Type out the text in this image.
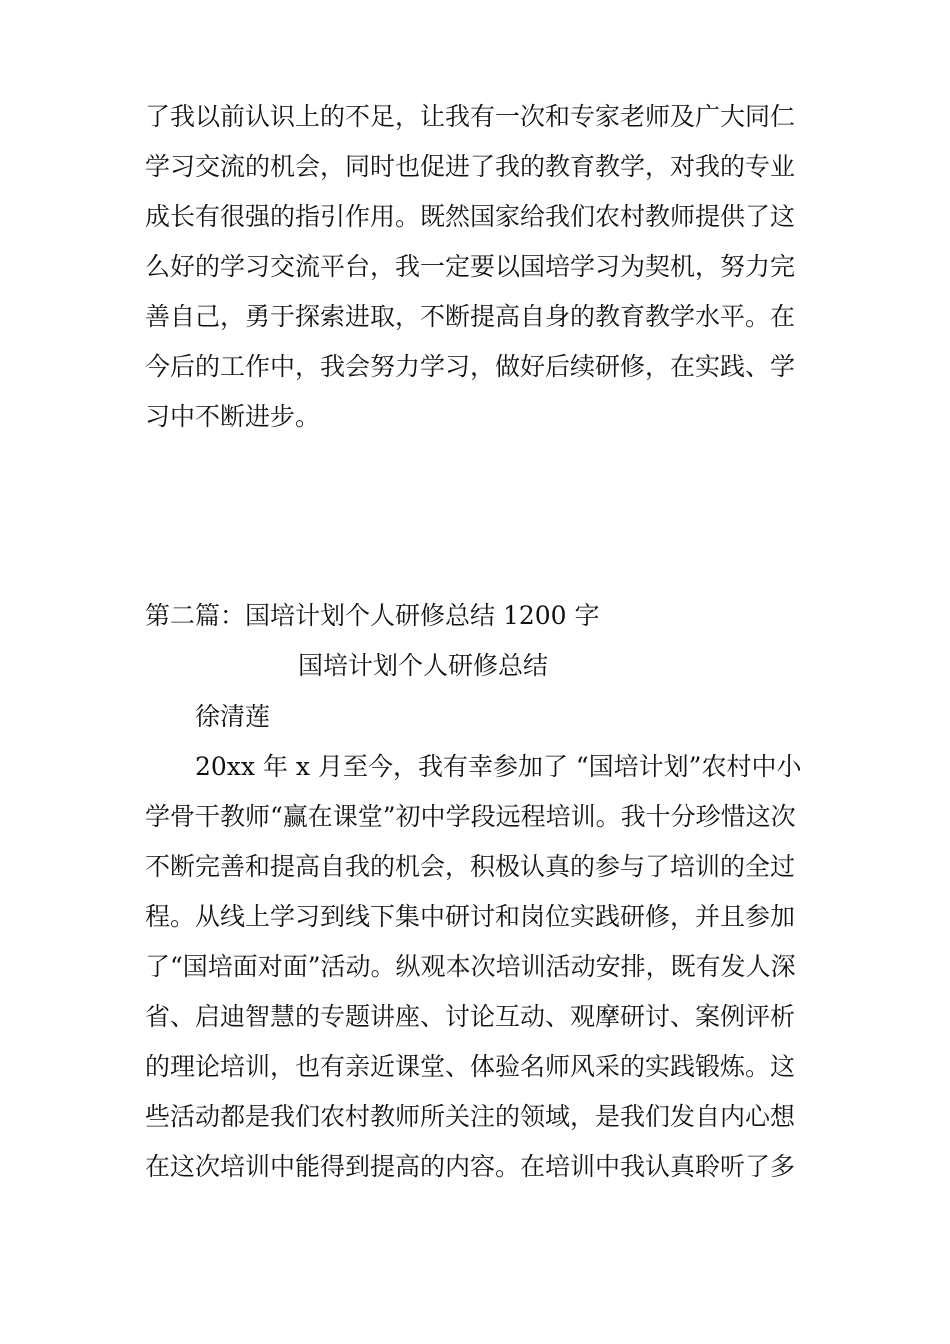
了我以前认识上的不足，让我有一次和专家老师及广大同仁
学习交流的机会，同时也促进了我的教育教学，对我的专业
成长有很强的指引作用。既然国家给我们农村教师提供了这
么好的学习交流平台，我一定要以国培学习为契机，努力完
善自己，勇于探索进取，不断提高自身的教育教学水平。在
今后的工作中，我会努力学习，做好后续研修，在实践、学
习中不断进步。
第二篇：国培计划个人研修总结 1200 字
国培计划个人研修总结
徐清莲
20xx 年 x 月至今，我有幸参加了 “国培计划”农村中小
学骨干教师“赢在课堂”初中学段远程培训。我十分珍惜这次
不断完善和提高自我的机会，积极认真的参与了培训的全过
程。从线上学习到线下集中研讨和岗位实践研修，并且参加
了“国培面对面”活动。纵观本次培训活动安排，既有发人深
省、启迪智慧的专题讲座、讨论互动、观摩研讨、案例评析
的理论培训，也有亲近课堂、体验名师风采的实践锻炼。这
些活动都是我们农村教师所关注的领域，是我们发自内心想
在这次培训中能得到提高的内容。在培训中我认真聆听了多
